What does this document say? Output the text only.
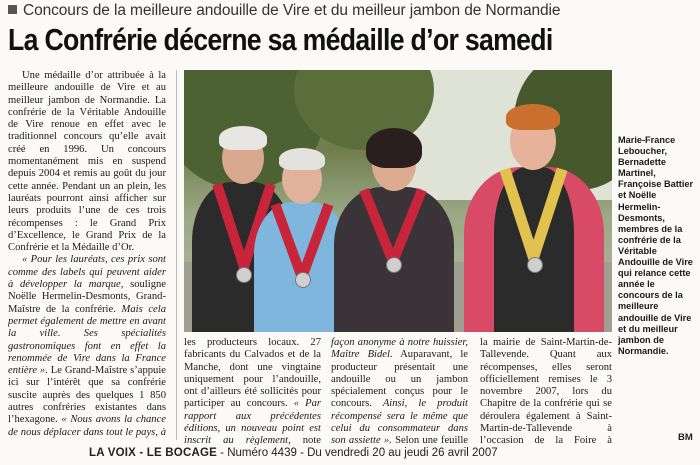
Concours de la meilleure andouille de Vire et du meilleur jambon de Normandie
La Confrérie décerne sa médaille d’or samedi

Une médaille d’or attribuée à la meilleure andouille de Vire et au meilleur jambon de Normandie. La confrérie de la Véritable Andouille de Vire renoue en effet avec le traditionnel concours qu’elle avait créé en 1996. Un concours momentanément mis en suspend depuis 2004 et remis au goût du jour cette année. Pendant un an plein, les lauréats pourront ainsi afficher sur leurs produits l’une de ces trois récompenses : le Grand Prix d’Excellence, le Grand Prix de la Confrérie et la Médaille d’Or.

« Pour les lauréats, ces prix sont comme des labels qui peuvent aider à développer la marque, souligne Noëlle Hermelin-Desmonts, Grand-Maîstre de la confrérie. Mais cela permet également de mettre en avant la ville. Ses spécialités gastronomiques font en effet la renommée de Vire dans la France entière ». Le Grand-Maîstre s’appuie ici sur l’intérêt que sa confrérie suscite auprès des quelques 1 850 autres confréries existantes dans l’hexagone. « Nous avons la chance de nous déplacer dans tout le pays, à

Marie-France Leboucher, Bernadette Martinel, Françoise Battier et Noëlle Hermelin-Desmonts, membres de la confrérie de la Véritable Andouille de Vire qui relance cette année le concours de la meilleure andouille de Vire et du meilleur jambon de Normandie.

les producteurs locaux. 27 fabricants du Calvados et de la Manche, dont une vingtaine uniquement pour l’andouille, ont d’ailleurs été sollicités pour participer au concours. « Par rapport aux précédentes éditions, un nouveau point est inscrit au règlement, note

façon anonyme à notre huissier, Maître Bidel. Auparavant, le producteur présentait une andouille ou un jambon spécialement conçus pour le concours. Ainsi, le produit récompensé sera le même que celui du consommateur dans son assiette ». Selon une feuille

la mairie de Saint-Martin-de-Tallevende. Quant aux récompenses, elles seront officiellement remises le 3 novembre 2007, lors du Chapitre de la confrérie qui se déroulera également à Saint-Martin-de-Tallevende à l’occasion de la Foire à

LA VOIX - LE BOCAGE - Numéro 4439 - Du vendredi 20 au jeudi 26 avril 2007
BM
